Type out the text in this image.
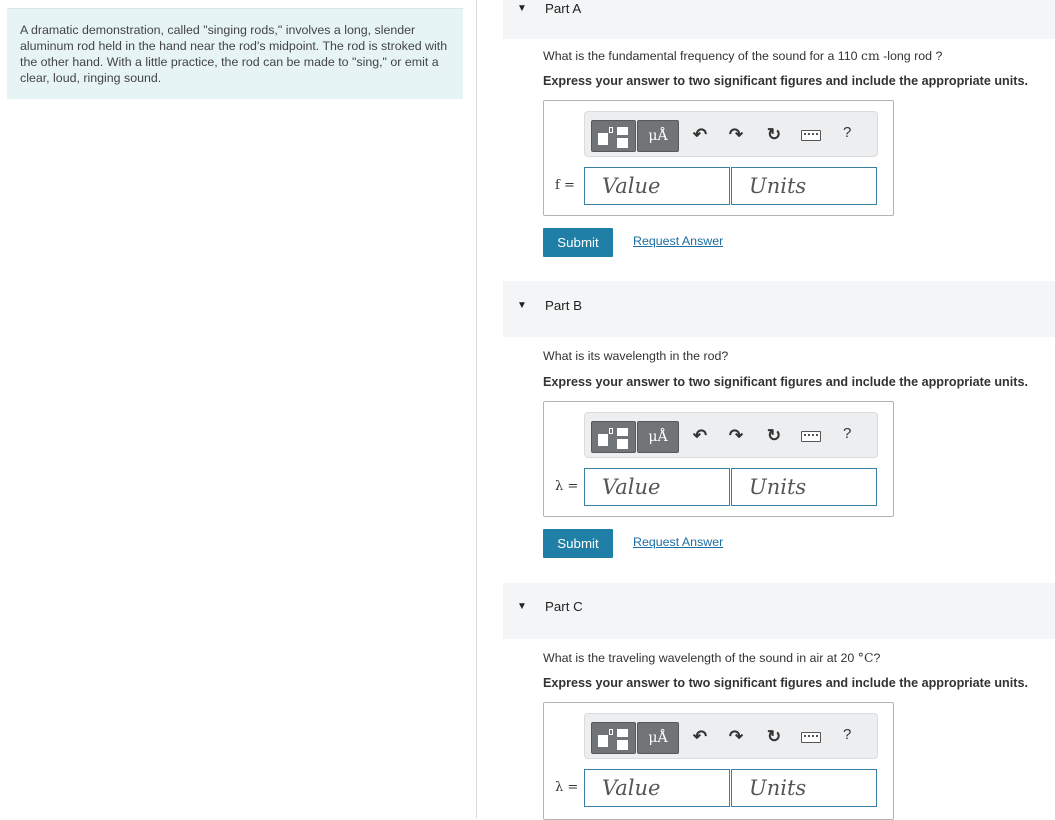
A dramatic demonstration, called "singing rods," involves a long, slender aluminum rod held in the hand near the rod's midpoint. The rod is stroked with the other hand. With a little practice, the rod can be made to "sing," or emit a clear, loud, ringing sound.
▼ Part A
What is the fundamental frequency of the sound for a 110 cm -long rod ?
Express your answer to two significant figures and include the appropriate units.
μÅ	↶ ↷ ↻	?
f =	Value	Units
Submit	Request Answer
▼ Part B
What is its wavelength in the rod?
Express your answer to two significant figures and include the appropriate units.
μÅ	↶ ↷ ↻	?
λ =	Value	Units
Submit	Request Answer
▼ Part C
What is the traveling wavelength of the sound in air at 20 °C?
Express your answer to two significant figures and include the appropriate units.
μÅ	↶ ↷ ↻	?
λ =	Value	Units
